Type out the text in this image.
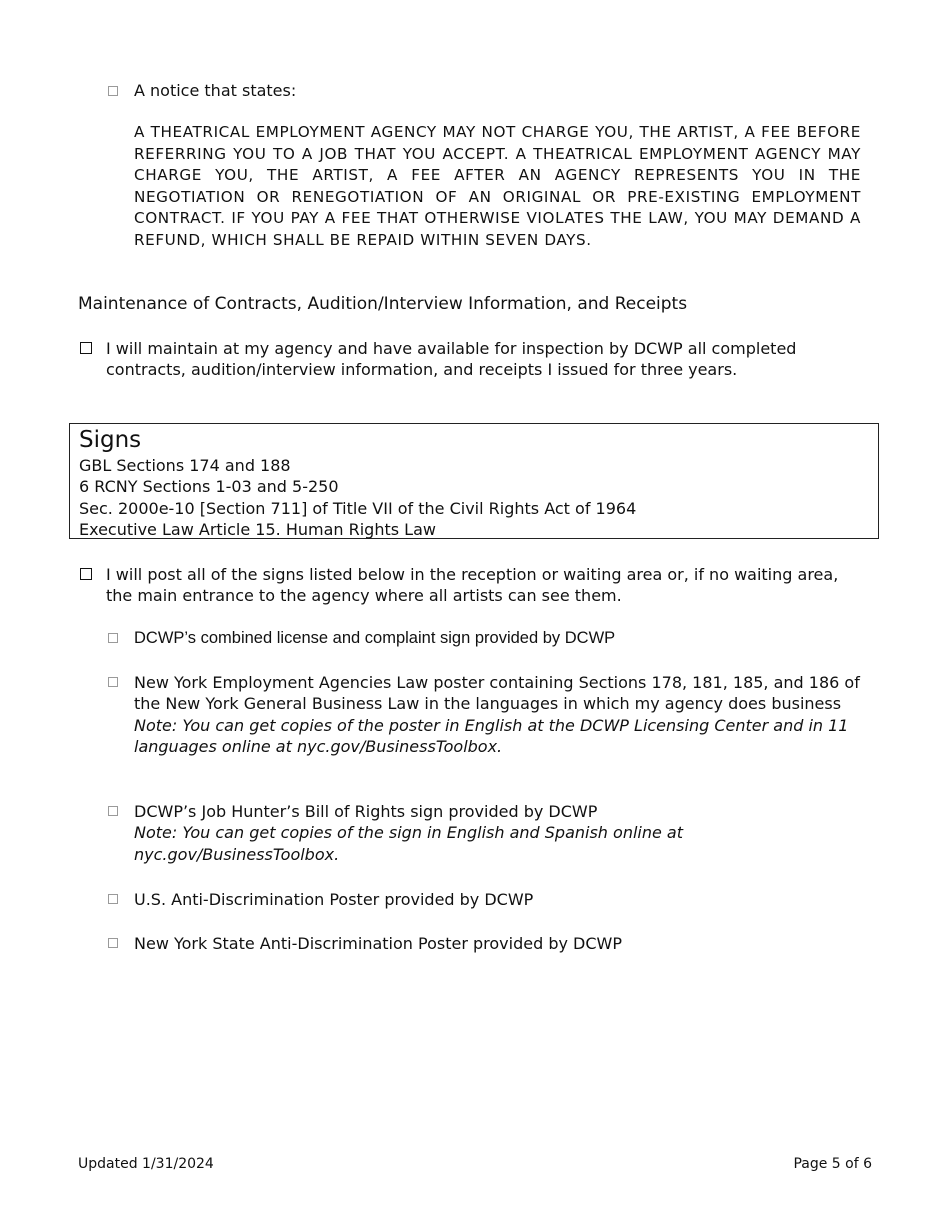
A notice that states:
A THEATRICAL EMPLOYMENT AGENCY MAY NOT CHARGE YOU, THE ARTIST, A FEE BEFORE REFERRING YOU TO A JOB THAT YOU ACCEPT. A THEATRICAL EMPLOYMENT AGENCY MAY CHARGE YOU, THE ARTIST, A FEE AFTER AN AGENCY REPRESENTS YOU IN THE NEGOTIATION OR RENEGOTIATION OF AN ORIGINAL OR PRE-EXISTING EMPLOYMENT CONTRACT. IF YOU PAY A FEE THAT OTHERWISE VIOLATES THE LAW, YOU MAY DEMAND A REFUND, WHICH SHALL BE REPAID WITHIN SEVEN DAYS.
Maintenance of Contracts, Audition/Interview Information, and Receipts
I will maintain at my agency and have available for inspection by DCWP all completed contracts, audition/interview information, and receipts I issued for three years.
Signs
GBL Sections 174 and 188
6 RCNY Sections 1-03 and 5-250
Sec. 2000e-10 [Section 711] of Title VII of the Civil Rights Act of 1964
Executive Law Article 15. Human Rights Law
I will post all of the signs listed below in the reception or waiting area or, if no waiting area, the main entrance to the agency where all artists can see them.
DCWP’s combined license and complaint sign provided by DCWP
New York Employment Agencies Law poster containing Sections 178, 181, 185, and 186 of the New York General Business Law in the languages in which my agency does business
Note: You can get copies of the poster in English at the DCWP Licensing Center and in 11 languages online at nyc.gov/BusinessToolbox.
DCWP’s Job Hunter’s Bill of Rights sign provided by DCWP
Note: You can get copies of the sign in English and Spanish online at nyc.gov/BusinessToolbox.
U.S. Anti-Discrimination Poster provided by DCWP
New York State Anti-Discrimination Poster provided by DCWP
Updated 1/31/2024	Page 5 of 6
